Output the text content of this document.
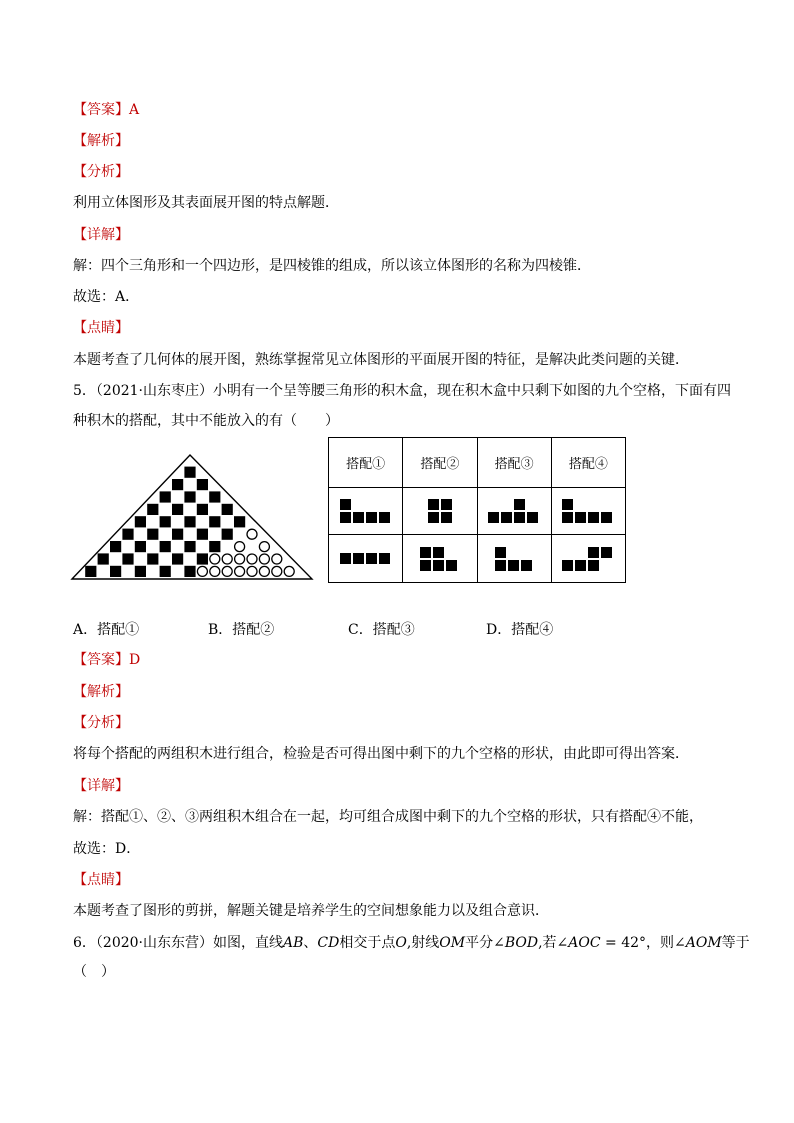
【答案】A
【解析】
【分析】
利用立体图形及其表面展开图的特点解题．
【详解】
解：四个三角形和一个四边形，是四棱锥的组成，所以该立体图形的名称为四棱锥．
故选：A．
【点睛】
本题考查了几何体的展开图，熟练掌握常见立体图形的平面展开图的特征，是解决此类问题的关键．
5．（2021·山东枣庄）小明有一个呈等腰三角形的积木盒，现在积木盒中只剩下如图的九个空格，下面有四
种积木的搭配，其中不能放入的有（　　）
搭配①	搭配②	搭配③	搭配④

A．搭配①	B．搭配②	C．搭配③	D．搭配④
【答案】D
【解析】
【分析】
将每个搭配的两组积木进行组合，检验是否可得出图中剩下的九个空格的形状，由此即可得出答案．
【详解】
解：搭配①、②、③两组积木组合在一起，均可组合成图中剩下的九个空格的形状，只有搭配④不能，
故选：D．
【点睛】
本题考查了图形的剪拼，解题关键是培养学生的空间想象能力以及组合意识．
6．（2020·山东东营）如图，直线AB、CD相交于点O,射线OM平分∠BOD,若∠AOC = 42°，则∠AOM等于
（　）
